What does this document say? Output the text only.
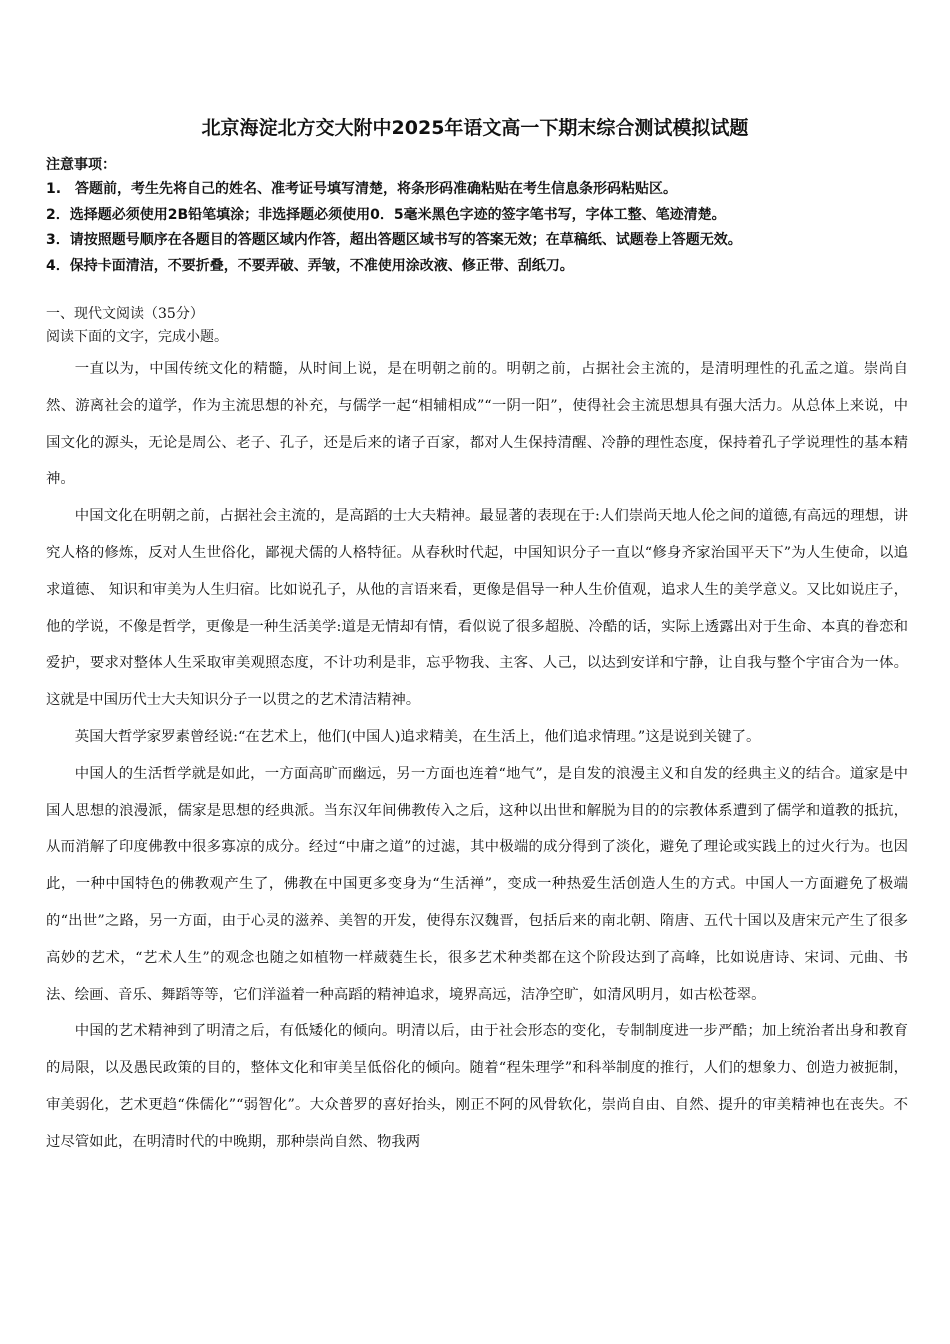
北京海淀北方交大附中2025年语文高一下期末综合测试模拟试题
注意事项：
1.　答题前，考生先将自己的姓名、准考证号填写清楚，将条形码准确粘贴在考生信息条形码粘贴区。
2．选择题必须使用2B铅笔填涂；非选择题必须使用0．5毫米黑色字迹的签字笔书写，字体工整、笔迹清楚。
3．请按照题号顺序在各题目的答题区域内作答，超出答题区域书写的答案无效；在草稿纸、试题卷上答题无效。
4．保持卡面清洁，不要折叠，不要弄破、弄皱，不准使用涂改液、修正带、刮纸刀。
一、现代文阅读（35分）
阅读下面的文字，完成小题。

一直以为，中国传统文化的精髓，从时间上说，是在明朝之前的。明朝之前，占据社会主流的，是清明理性的孔孟之道。崇尚自然、游离社会的道学，作为主流思想的补充，与儒学一起“相辅相成”“一阴一阳”，使得社会主流思想具有强大活力。从总体上来说，中国文化的源头，无论是周公、老子、孔子，还是后来的诸子百家，都对人生保持清醒、冷静的理性态度，保持着孔子学说理性的基本精神。

中国文化在明朝之前，占据社会主流的，是高蹈的士大夫精神。最显著的表现在于:人们崇尚天地人伦之间的道德,有高远的理想，讲究人格的修炼，反对人生世俗化，鄙视犬儒的人格特征。从春秋时代起，中国知识分子一直以“修身齐家治国平天下”为人生使命，以追求道德、 知识和审美为人生归宿。比如说孔子，从他的言语来看，更像是倡导一种人生价值观，追求人生的美学意义。又比如说庄子，他的学说，不像是哲学，更像是一种生活美学:道是无情却有情，看似说了很多超脱、冷酷的话，实际上透露出对于生命、本真的眷恋和爱护，要求对整体人生采取审美观照态度，不计功利是非，忘乎物我、主客、人己，以达到安详和宁静，让自我与整个宇宙合为一体。这就是中国历代士大夫知识分子一以贯之的艺术清洁精神。

英国大哲学家罗素曾经说:“在艺术上，他们(中国人)追求精美，在生活上，他们追求情理。”这是说到关键了。

中国人的生活哲学就是如此，一方面高旷而幽远，另一方面也连着“地气”，是自发的浪漫主义和自发的经典主义的结合。道家是中国人思想的浪漫派，儒家是思想的经典派。当东汉年间佛教传入之后，这种以出世和解脱为目的的宗教体系遭到了儒学和道教的抵抗，从而消解了印度佛教中很多寡凉的成分。经过“中庸之道”的过滤，其中极端的成分得到了淡化，避免了理论或实践上的过火行为。也因此，一种中国特色的佛教观产生了，佛教在中国更多变身为“生活禅”，变成一种热爱生活创造人生的方式。中国人一方面避免了极端的“出世”之路，另一方面，由于心灵的滋养、美智的开发，使得东汉魏晋，包括后来的南北朝、隋唐、五代十国以及唐宋元产生了很多高妙的艺术，“艺术人生”的观念也随之如植物一样葳蕤生长，很多艺术种类都在这个阶段达到了高峰，比如说唐诗、宋词、元曲、书法、绘画、音乐、舞蹈等等，它们洋溢着一种高蹈的精神追求，境界高远，洁净空旷，如清风明月，如古松苍翠。

中国的艺术精神到了明清之后，有低矮化的倾向。明清以后，由于社会形态的变化，专制制度进一步严酷；加上统治者出身和教育的局限，以及愚民政策的目的，整体文化和审美呈低俗化的倾向。随着“程朱理学”和科举制度的推行，人们的想象力、创造力被扼制，审美弱化，艺术更趋“侏儒化”“弱智化”。大众普罗的喜好抬头，刚正不阿的风骨软化，崇尚自由、自然、提升的审美精神也在丧失。不过尽管如此，在明清时代的中晚期，那种崇尚自然、物我两
